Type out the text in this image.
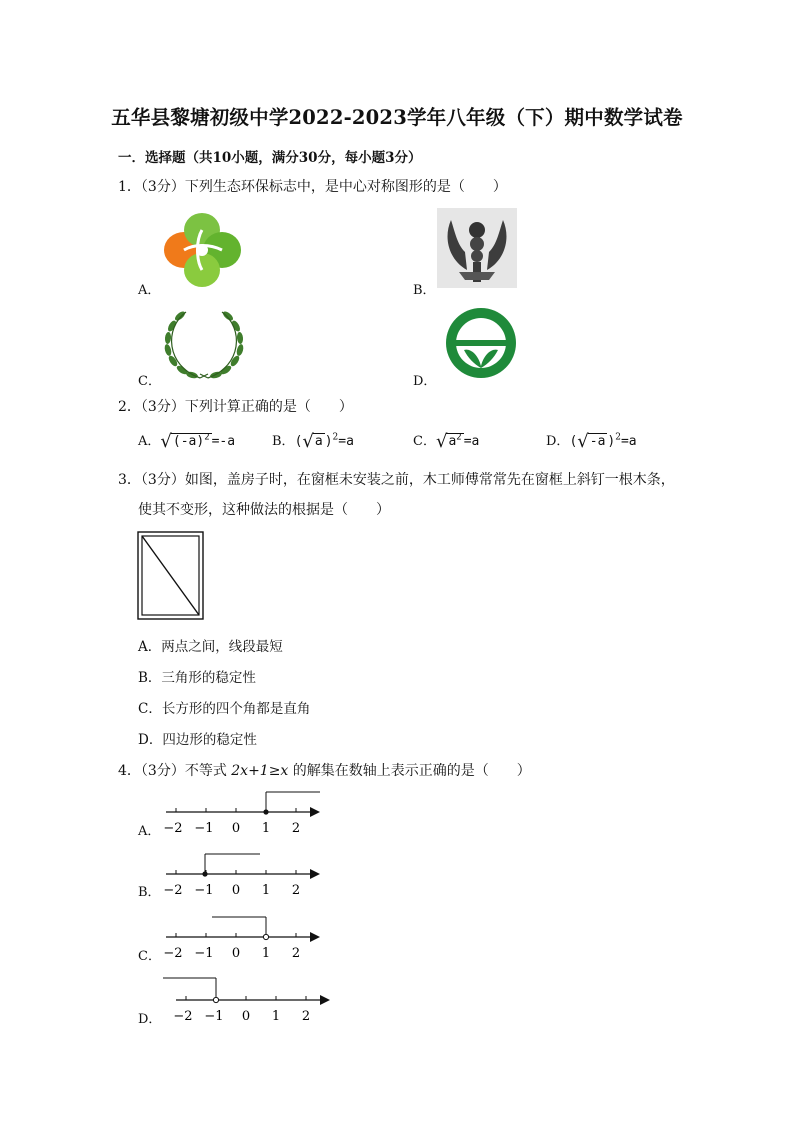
五华县黎塘初级中学2022-2023学年八年级（下）期中数学试卷
一．选择题（共10小题，满分30分，每小题3分）
1．（3分）下列生态环保标志中，是中心对称图形的是（　　）
A．	B．
C．	D．
2．（3分）下列计算正确的是（　　）
A．$√(-a)^2 =-a$	B．(√a )$^2$=a	C．$√a^2 =a$	D．(√-a )$^2$=a
3．（3分）如图，盖房子时，在窗框未安装之前，木工师傅常常先在窗框上斜钉一根木条，
使其不变形，这种做法的根据是（　　）
A．两点之间，线段最短
B．三角形的稳定性
C．长方形的四个角都是直角
D．四边形的稳定性
4．（3分）不等式 2x+1≥x 的解集在数轴上表示正确的是（　　）
A． −2 −1 0 1 2
B． −2 −1 0 1 2
C． −2 −1 0 1 2
D． −2 −1 0 1 2
